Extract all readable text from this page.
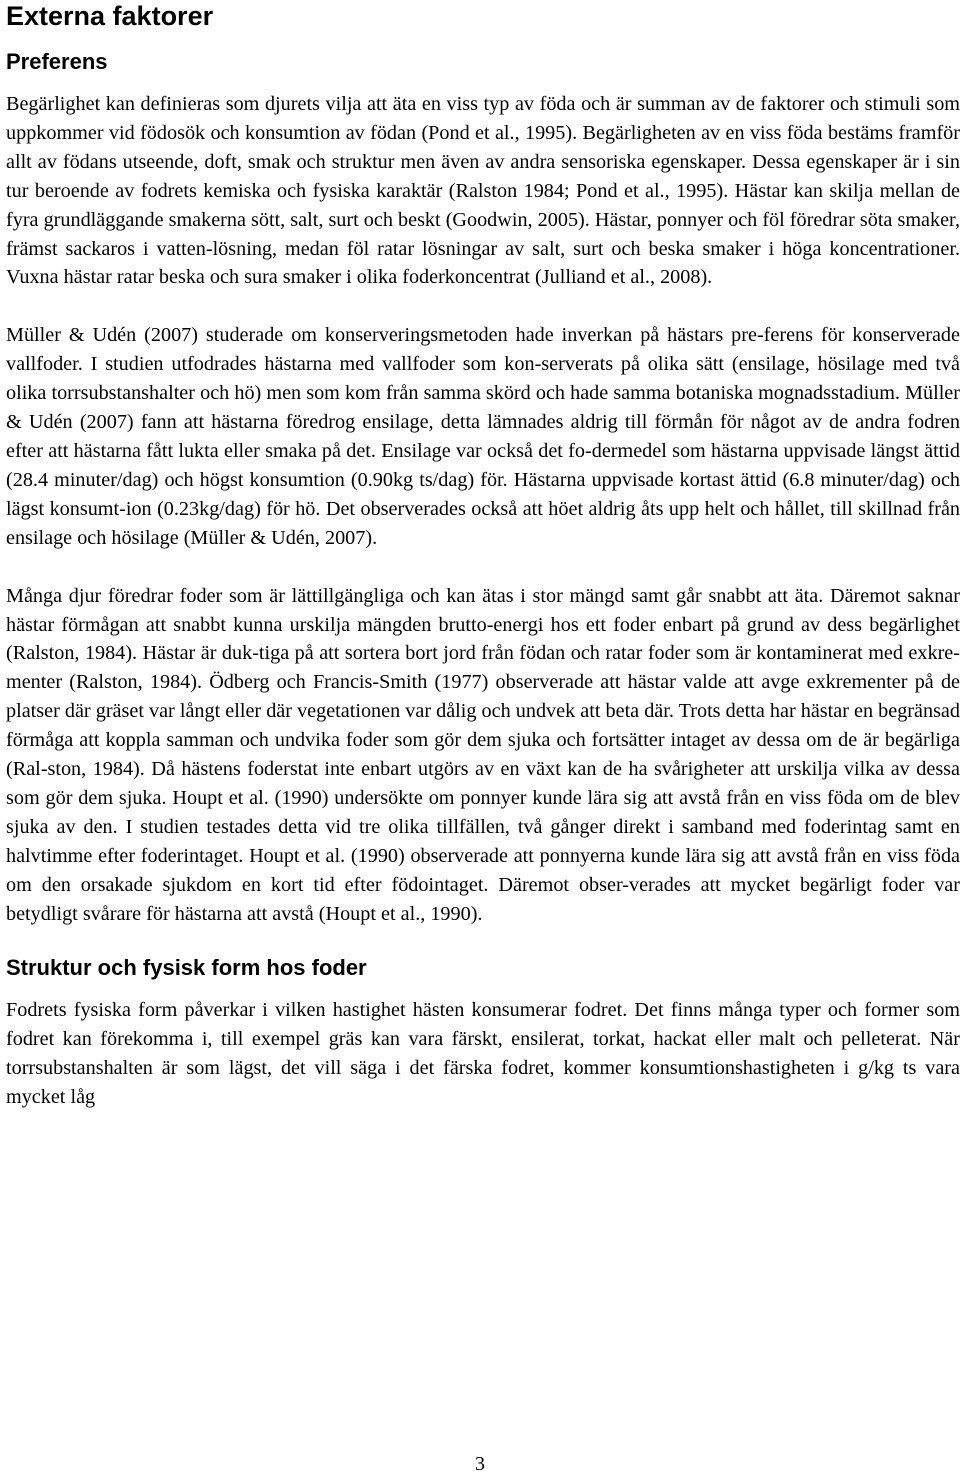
Externa faktorer
Preferens

Begärlighet kan definieras som djurets vilja att äta en viss typ av föda och är summan av de faktorer och stimuli som uppkommer vid födosök och konsumtion av födan (Pond et al., 1995). Begärligheten av en viss föda bestäms framför allt av födans utseende, doft, smak och struktur men även av andra sensoriska egenskaper. Dessa egenskaper är i sin tur beroende av fodrets kemiska och fysiska karaktär (Ralston 1984; Pond et al., 1995). Hästar kan skilja mellan de fyra grundläggande smakerna sött, salt, surt och beskt (Goodwin, 2005). Hästar, ponnyer och föl föredrar söta smaker, främst sackaros i vatten-lösning, medan föl ratar lösningar av salt, surt och beska smaker i höga koncentrationer. Vuxna hästar ratar beska och sura smaker i olika foderkoncentrat (Julliand et al., 2008).

Müller & Udén (2007) studerade om konserveringsmetoden hade inverkan på hästars pre-ferens för konserverade vallfoder. I studien utfodrades hästarna med vallfoder som kon-serverats på olika sätt (ensilage, hösilage med två olika torrsubstanshalter och hö) men som kom från samma skörd och hade samma botaniska mognadsstadium. Müller & Udén (2007) fann att hästarna föredrog ensilage, detta lämnades aldrig till förmån för något av de andra fodren efter att hästarna fått lukta eller smaka på det. Ensilage var också det fo-dermedel som hästarna uppvisade längst ättid (28.4 minuter/dag) och högst konsumtion (0.90kg ts/dag) för. Hästarna uppvisade kortast ättid (6.8 minuter/dag) och lägst konsumt-ion (0.23kg/dag) för hö. Det observerades också att höet aldrig åts upp helt och hållet, till skillnad från ensilage och hösilage (Müller & Udén, 2007).

Många djur föredrar foder som är lättillgängliga och kan ätas i stor mängd samt går snabbt att äta. Däremot saknar hästar förmågan att snabbt kunna urskilja mängden brutto-energi hos ett foder enbart på grund av dess begärlighet (Ralston, 1984). Hästar är duk-tiga på att sortera bort jord från födan och ratar foder som är kontaminerat med exkre-menter (Ralston, 1984). Ödberg och Francis-Smith (1977) observerade att hästar valde att avge exkrementer på de platser där gräset var långt eller där vegetationen var dålig och undvek att beta där. Trots detta har hästar en begränsad förmåga att koppla samman och undvika foder som gör dem sjuka och fortsätter intaget av dessa om de är begärliga (Ral-ston, 1984). Då hästens foderstat inte enbart utgörs av en växt kan de ha svårigheter att urskilja vilka av dessa som gör dem sjuka. Houpt et al. (1990) undersökte om ponnyer kunde lära sig att avstå från en viss föda om de blev sjuka av den. I studien testades detta vid tre olika tillfällen, två gånger direkt i samband med foderintag samt en halvtimme efter foderintaget. Houpt et al. (1990) observerade att ponnyerna kunde lära sig att avstå från en viss föda om den orsakade sjukdom en kort tid efter födointaget. Däremot obser-verades att mycket begärligt foder var betydligt svårare för hästarna att avstå (Houpt et al., 1990).

Struktur och fysisk form hos foder

Fodrets fysiska form påverkar i vilken hastighet hästen konsumerar fodret. Det finns många typer och former som fodret kan förekomma i, till exempel gräs kan vara färskt, ensilerat, torkat, hackat eller malt och pelleterat. När torrsubstanshalten är som lägst, det vill säga i det färska fodret, kommer konsumtionshastigheten i g/kg ts vara mycket låg

3
